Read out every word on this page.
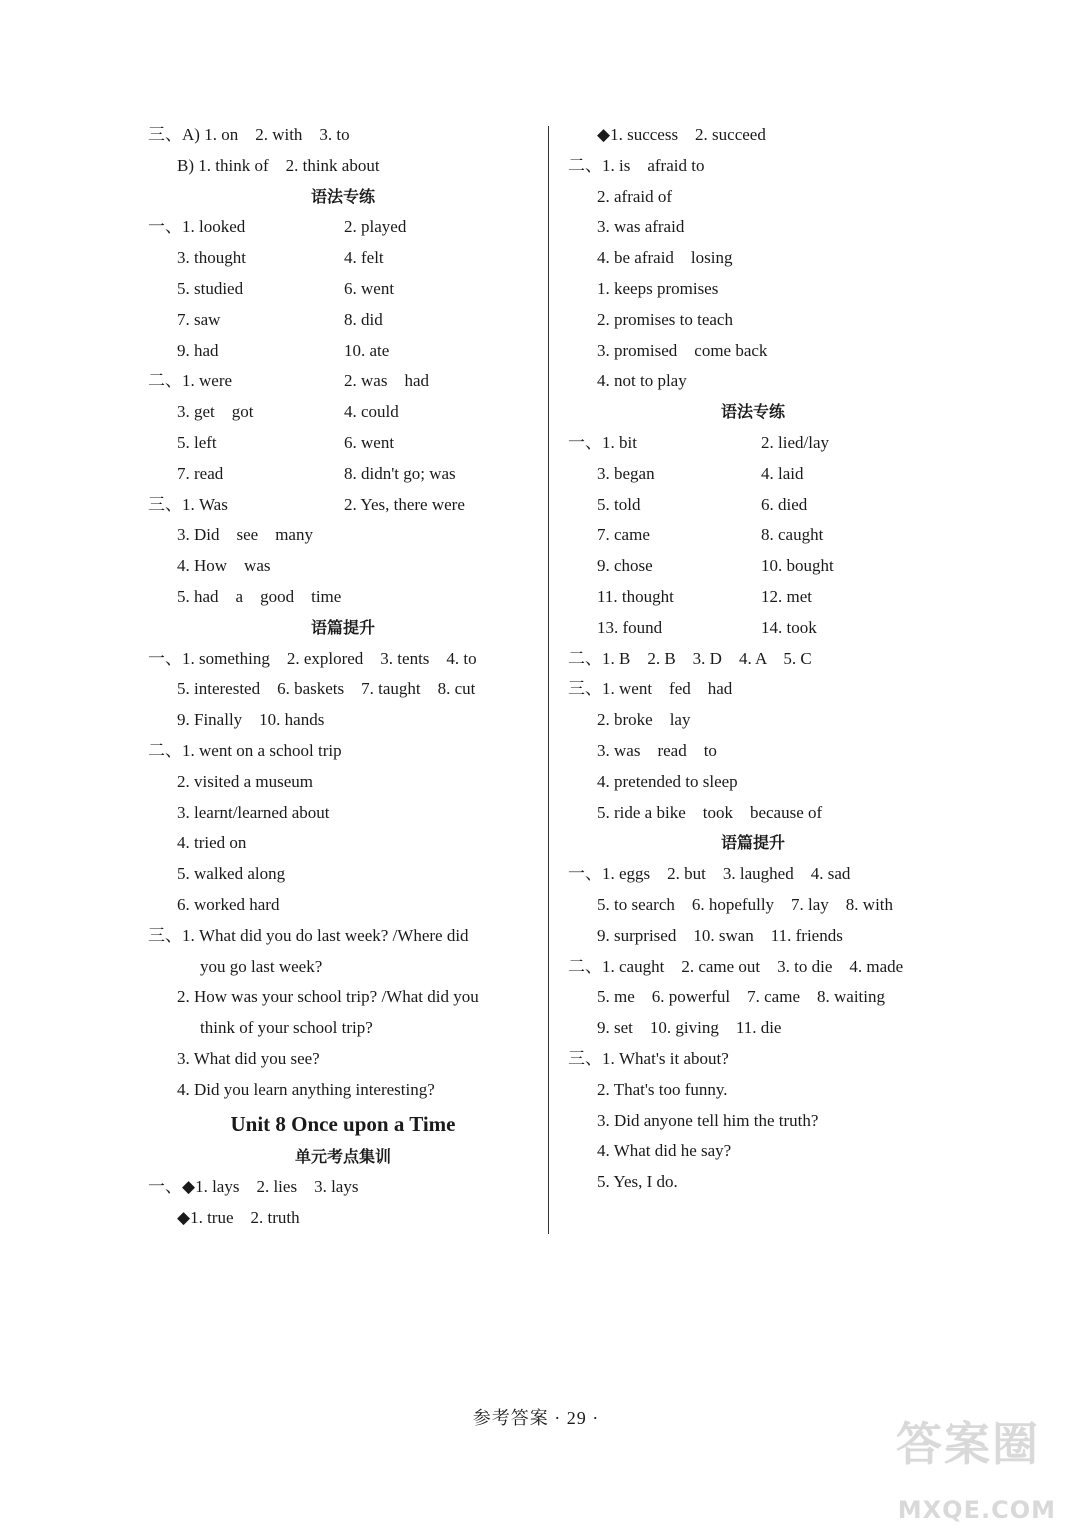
三、A) 1. on    2. with    3. to
B) 1. think of    2. think about
语法专练
一、1. looked	2. played
3. thought	4. felt
5. studied	6. went
7. saw	8. did
9. had	10. ate
二、1. were	2. was    had
3. get    got	4. could
5. left	6. went
7. read	8. didn't go; was
三、1. Was	2. Yes, there were
3. Did    see    many
4. How    was
5. had    a    good    time
语篇提升
一、1. something    2. explored    3. tents    4. to
5. interested    6. baskets    7. taught    8. cut
9. Finally    10. hands
二、1. went on a school trip
2. visited a museum
3. learnt/learned about
4. tried on
5. walked along
6. worked hard
三、1. What did you do last week? /Where did
you go last week?
2. How was your school trip? /What did you
think of your school trip?
3. What did you see?
4. Did you learn anything interesting?
Unit 8 Once upon a Time
单元考点集训
一、◆1. lays    2. lies    3. lays
◆1. true    2. truth
◆1. success    2. succeed
二、1. is    afraid to
2. afraid of
3. was afraid
4. be afraid    losing
1. keeps promises
2. promises to teach
3. promised    come back
4. not to play
语法专练
一、1. bit	2. lied/lay
3. began	4. laid
5. told	6. died
7. came	8. caught
9. chose	10. bought
11. thought	12. met
13. found	14. took
二、1. B    2. B    3. D    4. A    5. C
三、1. went    fed    had
2. broke    lay
3. was    read    to
4. pretended to sleep
5. ride a bike    took    because of
语篇提升
一、1. eggs    2. but    3. laughed    4. sad
5. to search    6. hopefully    7. lay    8. with
9. surprised    10. swan    11. friends
二、1. caught    2. came out    3. to die    4. made
5. me    6. powerful    7. came    8. waiting
9. set    10. giving    11. die
三、1. What's it about?
2. That's too funny.
3. Did anyone tell him the truth?
4. What did he say?
5. Yes, I do.
参考答案 · 29 ·	答案圈
MXQE.COM
